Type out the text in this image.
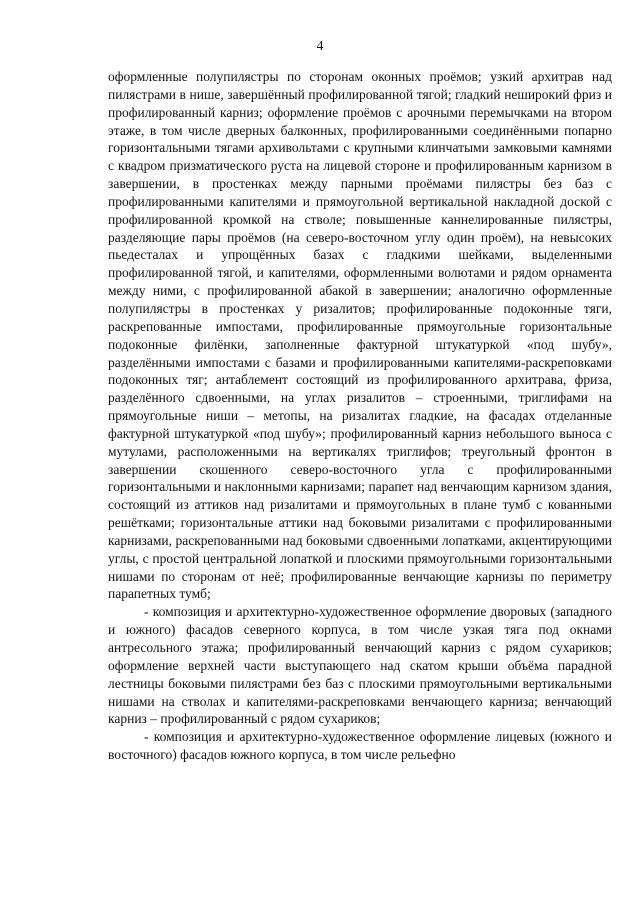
4

оформленные полупилястры по сторонам оконных проёмов; узкий архитрав над пилястрами в нише, завершённый профилированной тягой; гладкий неширокий фриз и профилированный карниз; оформление проёмов с арочными перемычками на втором этаже, в том числе дверных балконных, профилированными соединёнными попарно горизонтальными тягами архивольтами с крупными клинчатыми замковыми камнями с квадром призматического руста на лицевой стороне и профилированным карнизом в завершении, в простенках между парными проёмами пилястры без баз с профилированными капителями и прямоугольной вертикальной накладной доской с профилированной кромкой на стволе; повышенные каннелированные пилястры, разделяющие пары проёмов (на северо-восточном углу один проём), на невысоких пьедесталах и упрощённых базах с гладкими шейками, выделенными профилированной тягой, и капителями, оформленными волютами и рядом орнамента между ними, с профилированной абакой в завершении; аналогично оформленные полупилястры в простенках у ризалитов; профилированные подоконные тяги, раскрепованные импостами, профилированные прямоугольные горизонтальные подоконные филёнки, заполненные фактурной штукатуркой «под шубу», разделёнными импостами с базами и профилированными капителями-раскреповками подоконных тяг; антаблемент состоящий из профилированного архитрава, фриза, разделённого сдвоенными, на углах ризалитов – строенными, триглифами на прямоугольные ниши – метопы, на ризалитах гладкие, на фасадах отделанные фактурной штукатуркой «под шубу»; профилированный карниз небольшого выноса с мутулами, расположенными на вертикалях триглифов; треугольный фронтон в завершении скошенного северо-восточного угла с профилированными горизонтальными и наклонными карнизами; парапет над венчающим карнизом здания, состоящий из аттиков над ризалитами и прямоугольных в плане тумб с кованными решётками; горизонтальные аттики над боковыми ризалитами с профилированными карнизами, раскрепованными над боковыми сдвоенными лопатками, акцентирующими углы, с простой центральной лопаткой и плоскими прямоугольными горизонтальными нишами по сторонам от неё; профилированные венчающие карнизы по периметру парапетных тумб;

- композиция и архитектурно-художественное оформление дворовых (западного и южного) фасадов северного корпуса, в том числе узкая тяга под окнами антресольного этажа; профилированный венчающий карниз с рядом сухариков; оформление верхней части выступающего над скатом крыши объёма парадной лестницы боковыми пилястрами без баз с плоскими прямоугольными вертикальными нишами на стволах и капителями-раскреповками венчающего карниза; венчающий карниз – профилированный с рядом сухариков;

- композиция и архитектурно-художественное оформление лицевых (южного и восточного) фасадов южного корпуса, в том числе рельефно
